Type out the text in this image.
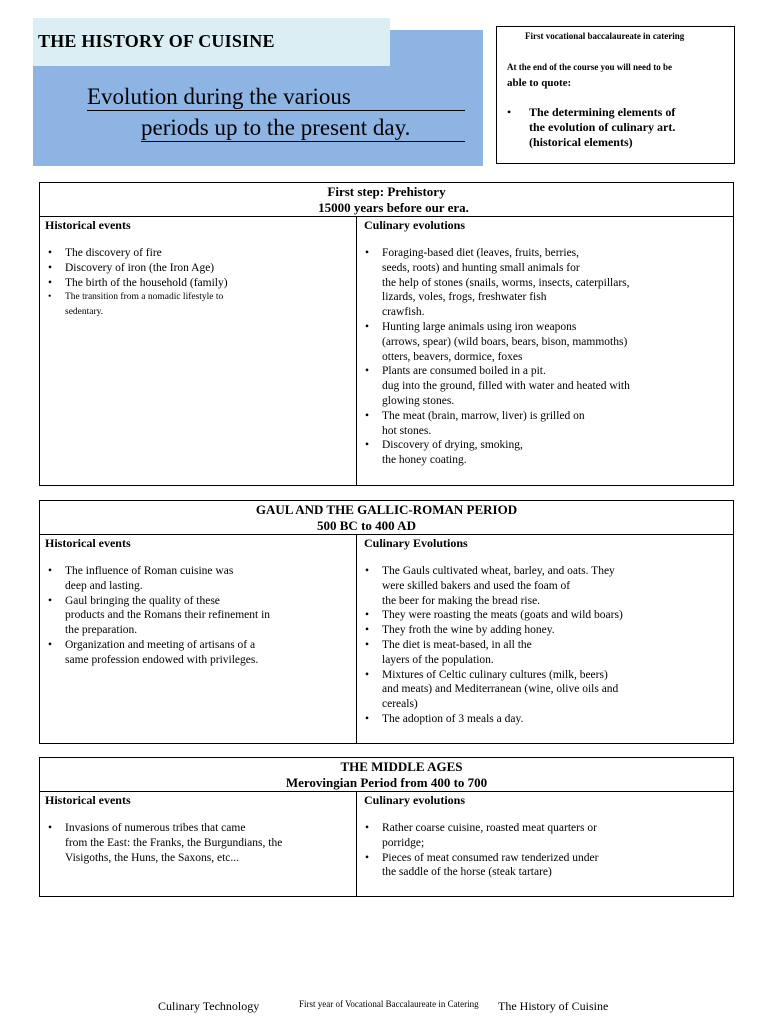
THE HISTORY OF CUISINE
Evolution during the various
periods up to the present day.
First vocational baccalaureate in catering
At the end of the course you will need to be
able to quote:
• The determining elements of
the evolution of culinary art.
(historical elements)
First step: Prehistory
15000 years before our era.
Historical events
• The discovery of fire
• Discovery of iron (the Iron Age)
• The birth of the household (family)
• The transition from a nomadic lifestyle to
sedentary.
Culinary evolutions
• Foraging-based diet (leaves, fruits, berries,
seeds, roots) and hunting small animals for
the help of stones (snails, worms, insects, caterpillars,
lizards, voles, frogs, freshwater fish
crawfish.
• Hunting large animals using iron weapons
(arrows, spear) (wild boars, bears, bison, mammoths)
otters, beavers, dormice, foxes
• Plants are consumed boiled in a pit.
dug into the ground, filled with water and heated with
glowing stones.
• The meat (brain, marrow, liver) is grilled on
hot stones.
• Discovery of drying, smoking,
the honey coating.
GAUL AND THE GALLIC-ROMAN PERIOD
500 BC to 400 AD
Historical events
• The influence of Roman cuisine was
deep and lasting.
• Gaul bringing the quality of these
products and the Romans their refinement in
the preparation.
• Organization and meeting of artisans of a
same profession endowed with privileges.
Culinary Evolutions
• The Gauls cultivated wheat, barley, and oats. They
were skilled bakers and used the foam of
the beer for making the bread rise.
• They were roasting the meats (goats and wild boars)
• They froth the wine by adding honey.
• The diet is meat-based, in all the
layers of the population.
• Mixtures of Celtic culinary cultures (milk, beers)
and meats) and Mediterranean (wine, olive oils and
cereals)
• The adoption of 3 meals a day.
THE MIDDLE AGES
Merovingian Period from 400 to 700
Historical events
• Invasions of numerous tribes that came
from the East: the Franks, the Burgundians, the
Visigoths, the Huns, the Saxons, etc...
Culinary evolutions
• Rather coarse cuisine, roasted meat quarters or
porridge;
• Pieces of meat consumed raw tenderized under
the saddle of the horse (steak tartare)
Culinary Technology	First year of Vocational Baccalaureate in Catering The History of Cuisine
